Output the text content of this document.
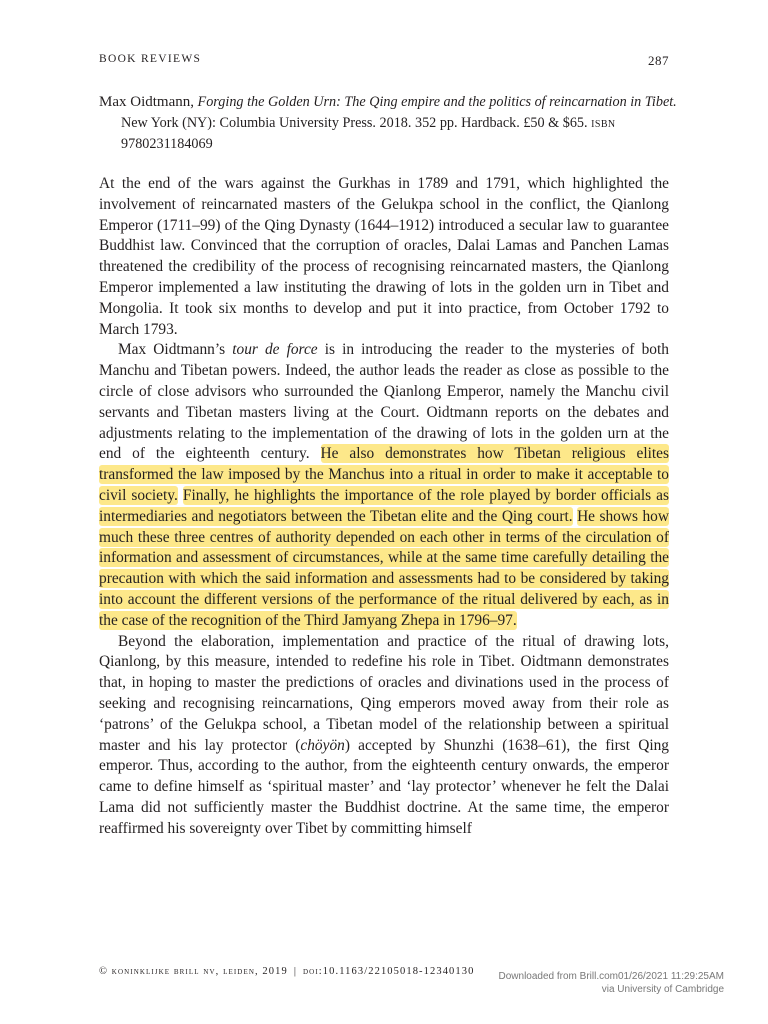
BOOK REVIEWS	287
Max Oidtmann, Forging the Golden Urn: The Qing empire and the politics of reincarnation in Tibet. New York (NY): Columbia University Press. 2018. 352 pp. Hardback. £50 & $65. isbn 9780231184069

At the end of the wars against the Gurkhas in 1789 and 1791, which highlighted the involvement of reincarnated masters of the Gelukpa school in the conflict, the Qianlong Emperor (1711–99) of the Qing Dynasty (1644–1912) introduced a secular law to guarantee Buddhist law. Convinced that the corruption of oracles, Dalai Lamas and Panchen Lamas threatened the credibility of the process of recognising reincarnated masters, the Qianlong Emperor implemented a law instituting the drawing of lots in the golden urn in Tibet and Mongolia. It took six months to develop and put it into practice, from October 1792 to March 1793.

Max Oidtmann’s tour de force is in introducing the reader to the mysteries of both Manchu and Tibetan powers. Indeed, the author leads the reader as close as possible to the circle of close advisors who surrounded the Qianlong Emperor, namely the Manchu civil servants and Tibetan masters living at the Court. Oidtmann reports on the debates and adjustments relating to the implementation of the drawing of lots in the golden urn at the end of the eighteenth century. He also demonstrates how Tibetan religious elites transformed the law imposed by the Manchus into a ritual in order to make it acceptable to civil society. Finally, he highlights the importance of the role played by border officials as intermediaries and negotiators between the Tibetan elite and the Qing court. He shows how much these three centres of authority depended on each other in terms of the circulation of information and assessment of circumstances, while at the same time carefully detailing the precaution with which the said information and assessments had to be considered by taking into account the different versions of the performance of the ritual delivered by each, as in the case of the recognition of the Third Jamyang Zhepa in 1796–97.

Beyond the elaboration, implementation and practice of the ritual of drawing lots, Qianlong, by this measure, intended to redefine his role in Tibet. Oidtmann demonstrates that, in hoping to master the predictions of oracles and divinations used in the process of seeking and recognising reincarnations, Qing emperors moved away from their role as ‘patrons’ of the Gelukpa school, a Tibetan model of the relationship between a spiritual master and his lay protector (chöyön) accepted by Shunzhi (1638–61), the first Qing emperor. Thus, according to the author, from the eighteenth century onwards, the emperor came to define himself as ‘spiritual master’ and ‘lay protector’ whenever he felt the Dalai Lama did not sufficiently master the Buddhist doctrine. At the same time, the emperor reaffirmed his sovereignty over Tibet by committing himself

© koninklijke brill nv, leiden, 2019 | doi:10.1163/22105018-12340130	Downloaded from Brill.com01/26/2021 11:29:25AM
via University of Cambridge
